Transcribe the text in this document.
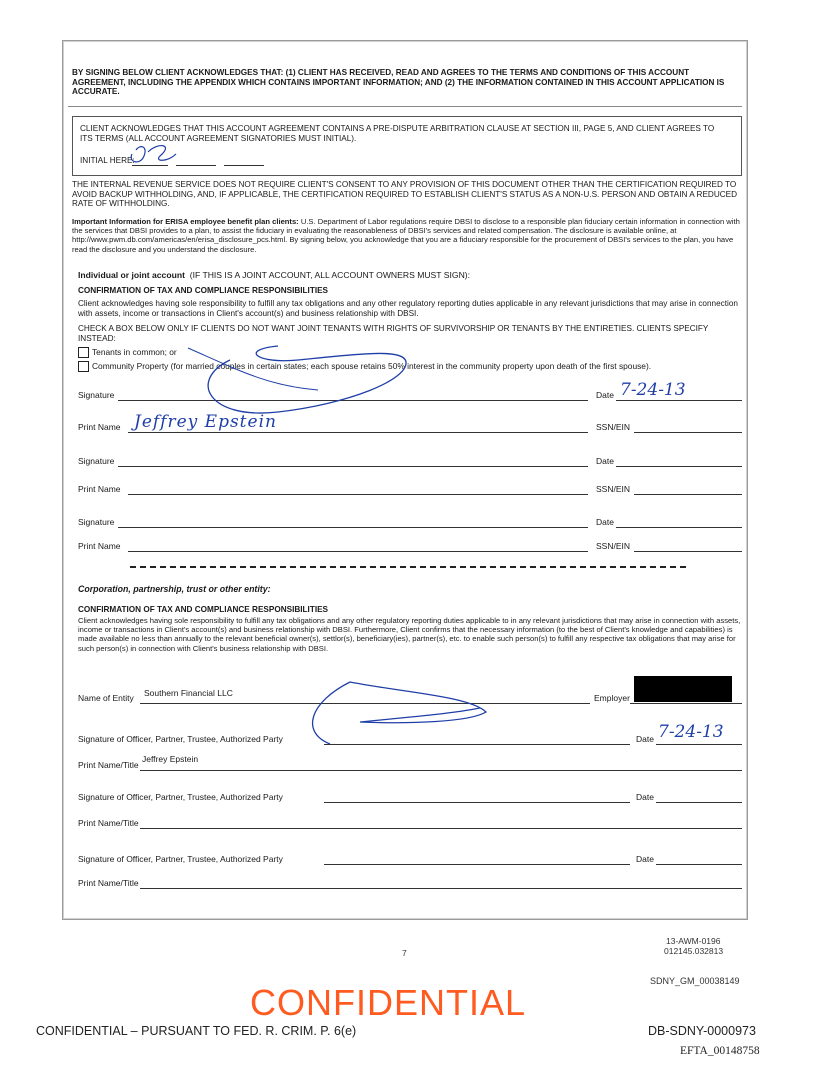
BY SIGNING BELOW CLIENT ACKNOWLEDGES THAT: (1) CLIENT HAS RECEIVED, READ AND AGREES TO THE TERMS AND CONDITIONS OF THIS ACCOUNT AGREEMENT, INCLUDING THE APPENDIX WHICH CONTAINS IMPORTANT INFORMATION; AND (2) THE INFORMATION CONTAINED IN THIS ACCOUNT APPLICATION IS ACCURATE.
CLIENT ACKNOWLEDGES THAT THIS ACCOUNT AGREEMENT CONTAINS A PRE-DISPUTE ARBITRATION CLAUSE AT SECTION III, PAGE 5, AND CLIENT AGREES TO ITS TERMS (ALL ACCOUNT AGREEMENT SIGNATORIES MUST INITIAL).
INITIAL HERE:
THE INTERNAL REVENUE SERVICE DOES NOT REQUIRE CLIENT'S CONSENT TO ANY PROVISION OF THIS DOCUMENT OTHER THAN THE CERTIFICATION REQUIRED TO AVOID BACKUP WITHHOLDING, AND, IF APPLICABLE, THE CERTIFICATION REQUIRED TO ESTABLISH CLIENT'S STATUS AS A NON-U.S. PERSON AND OBTAIN A REDUCED RATE OF WITHHOLDING.
Important Information for ERISA employee benefit plan clients: U.S. Department of Labor regulations require DBSI to disclose to a responsible plan fiduciary certain information in connection with the services that DBSI provides to a plan, to assist the fiduciary in evaluating the reasonableness of DBSI's services and related compensation. The disclosure is available online, at http://www.pwm.db.com/americas/en/erisa_disclosure_pcs.html. By signing below, you acknowledge that you are a fiduciary responsible for the procurement of DBSI's services to the plan, you have read the disclosure and you understand the disclosure.
Individual or joint account (IF THIS IS A JOINT ACCOUNT, ALL ACCOUNT OWNERS MUST SIGN):
CONFIRMATION OF TAX AND COMPLIANCE RESPONSIBILITIES
Client acknowledges having sole responsibility to fulfill any tax obligations and any other regulatory reporting duties applicable in any relevant jurisdictions that may arise in connection with assets, income or transactions in Client's account(s) and business relationship with DBSI.
CHECK A BOX BELOW ONLY IF CLIENTS DO NOT WANT JOINT TENANTS WITH RIGHTS OF SURVIVORSHIP OR TENANTS BY THE ENTIRETIES. CLIENTS SPECIFY INSTEAD:
Tenants in common; or
Community Property (for married couples in certain states; each spouse retains 50% interest in the community property upon death of the first spouse).
Signature	Date 7-24-13
Print Name Jeffrey Epstein	SSN/EIN
Signature	Date
Print Name	SSN/EIN
Signature	Date
Print Name	SSN/EIN
Corporation, partnership, trust or other entity:
CONFIRMATION OF TAX AND COMPLIANCE RESPONSIBILITIES
Client acknowledges having sole responsibility to fulfill any tax obligations and any other regulatory reporting duties applicable to in any relevant jurisdictions that may arise in connection with assets, income or transactions in Client's account(s) and business relationship with DBSI. Furthermore, Client confirms that the necessary information (to the best of Client's knowledge and capabilities) is made available no less than annually to the relevant beneficial owner(s), settlor(s), beneficiary(ies), partner(s), etc. to enable such person(s) to fulfill any respective tax obligations that may arise for such person(s) in connection with Client's business relationship with DBSI.
Name of Entity Southern Financial LLC	Employer
Signature of Officer, Partner, Trustee, Authorized Party	Date 7-24-13
Print Name/Title
Jeffrey Epstein
Signature of Officer, Partner, Trustee, Authorized Party	Date
Print Name/Title
Signature of Officer, Partner, Trustee, Authorized Party	Date
Print Name/Title
7
13-AWM-0196
012145.032813
SDNY_GM_00038149
CONFIDENTIAL
CONFIDENTIAL – PURSUANT TO FED. R. CRIM. P. 6(e)	DB-SDNY-0000973
EFTA_00148758
